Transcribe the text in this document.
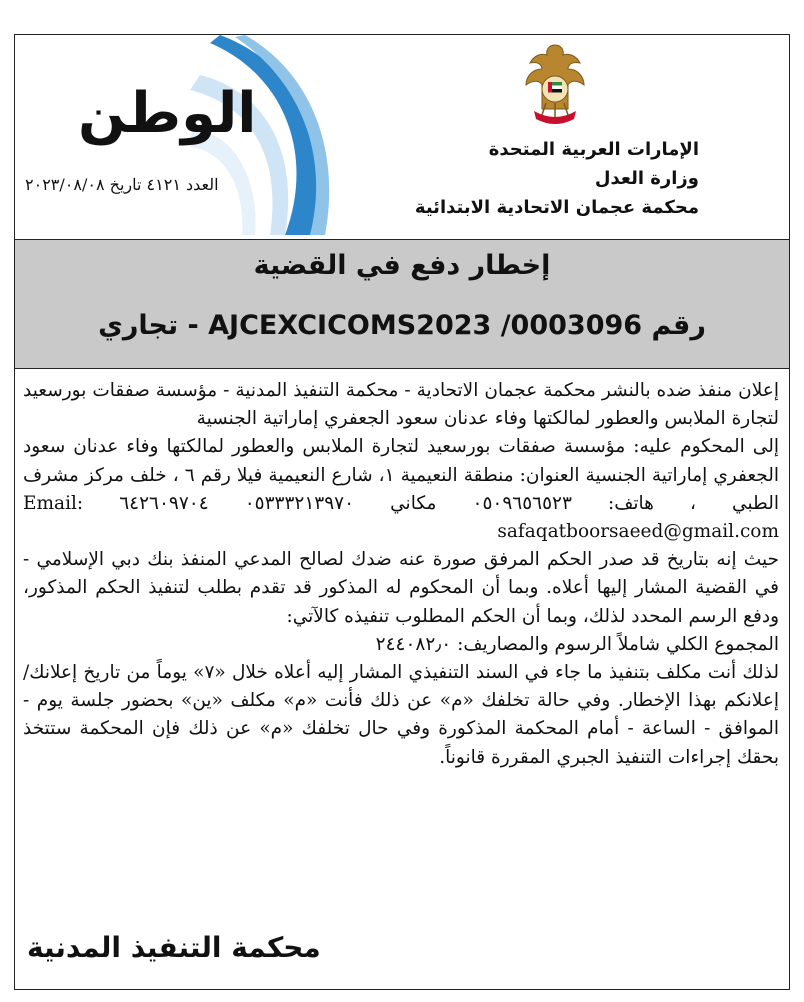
الإمارات العربية المتحدة
وزارة العدل
محكمة عجمان الاتحادية الابتدائية
الوطن
العدد ٤١٢١ تاريخ ٢٠٢٣/٠٨/٠٨
إخطار دفع في القضية
رقم AJCEXCICOMS2023 /0003096 - تجاري

إعلان منفذ ضده بالنشر محكمة عجمان الاتحادية - محكمة التنفيذ المدنية - مؤسسة صفقات بورسعيد لتجارة الملابس والعطور لمالكتها وفاء عدنان سعود الجعفري إماراتية الجنسية

إلى المحكوم عليه: مؤسسة صفقات بورسعيد لتجارة الملابس والعطور لمالكتها وفاء عدنان سعود الجعفري إماراتية الجنسية العنوان: منطقة النعيمية ١، شارع النعيمية فيلا رقم ٦ ، خلف مركز مشرف الطبي ، هاتف: ٠٥٠٩٦٥٦٥٢٣ مكاني ٠٥٣٣٣٢١٣٩٧٠ ٦٤٢٦٠٩٧٠٤ Email: safaqatboorsaeed@gmail.com

حيث إنه بتاريخ قد صدر الحكم المرفق صورة عنه ضدك لصالح المدعي المنفذ بنك دبي الإسلامي - في القضية المشار إليها أعلاه. وبما أن المحكوم له المذكور قد تقدم بطلب لتنفيذ الحكم المذكور، ودفع الرسم المحدد لذلك، وبما أن الحكم المطلوب تنفيذه كالآتي:

المجموع الكلي شاملاً الرسوم والمصاريف: ٢٤٤٠٨٢٫٠

لذلك أنت مكلف بتنفيذ ما جاء في السند التنفيذي المشار إليه أعلاه خلال «٧» يوماً من تاريخ إعلانك/ إعلانكم بهذا الإخطار. وفي حالة تخلفك «م» عن ذلك فأنت «م» مكلف «ين» بحضور جلسة يوم - الموافق - الساعة - أمام المحكمة المذكورة وفي حال تخلفك «م» عن ذلك فإن المحكمة ستتخذ بحقك إجراءات التنفيذ الجبري المقررة قانوناً.

محكمة التنفيذ المدنية
